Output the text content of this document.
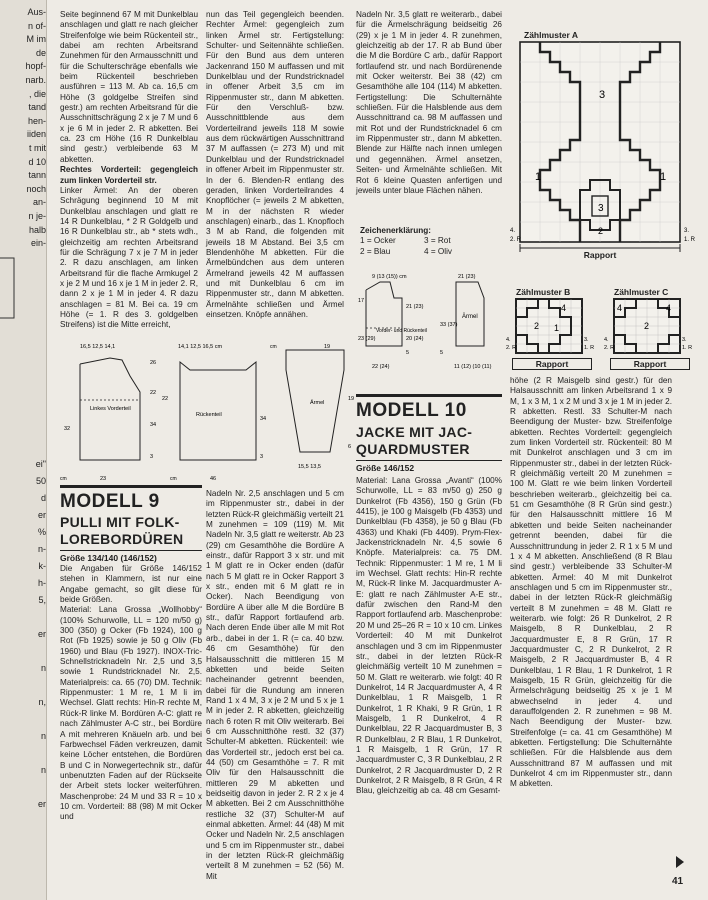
Aus-
n of-
M im
de
hopf-
narb.
, die
tand
hen-
iiden
t mit
d 10
tann
noch
an-
n je-
halb
ein-
ei"
50
d
er
%
n-
k-
h-
5,

er

n

n,

n

n

er

Seite beginnend 67 M mit Dunkelblau anschlagen und glatt re nach gleicher Streifenfolge wie beim Rückenteil str., dabei am rechten Arbeitsrand Zunehmen für den Armausschnitt und für die Schulterschräge ebenfalls wie beim Rückenteil beschrieben ausführen = 113 M. Ab ca. 16,5 cm Höhe (3 goldgelbe Streifen sind gestr.) am rechten Arbeitsrand für die Ausschnittschrägung 2 x je 7 M und 6 x je 6 M in jeder 2. R abketten. Bei ca. 23 cm Höhe (16 R Dunkelblau sind gestr.) verbleibende 63 M abketten.

Rechtes Vorderteil: gegengleich zum linken Vorderteil str.

Linker Ärmel: An der oberen Schrägung beginnend 10 M mit Dunkelblau anschlagen und glatt re 14 R Dunkelblau, * 2 R Goldgelb und 16 R Dunkelblau str., ab * stets wdh., gleichzeitig am rechten Arbeitsrand für die Schrägung 7 x je 7 M in jeder 2. R dazu anschlagen, am linken Arbeitsrand für die flache Armkugel 2 x je 2 M und 16 x je 1 M in jeder 2. R, dann 2 x je 1 M in jeder 4. R dazu anschlagen = 81 M. Bei ca. 19 cm Höhe (= 1. R des 3. goldgelben Streifens) ist die Mitte erreicht,

nun das Teil gegengleich beenden. Rechter Ärmel: gegengleich zum linken Ärmel str. Fertigstellung: Schulter- und Seitennähte schließen. Für den Bund aus dem unteren Jackenrand 150 M auffassen und mit Dunkelblau und der Rundstricknadel in offener Arbeit 3,5 cm im Rippenmuster str., dann M abketten. Für den Verschluß- bzw. Ausschnittblende aus dem Vorderteilrand jeweils 118 M sowie aus dem rückwärtigen Ausschnittrand 37 M auffassen (= 273 M) und mit Dunkelblau und der Rundstricknadel in offener Arbeit im Rippenmuster str. In der 6. Blenden-R entlang des geraden, linken Vorderteilrandes 4 Knopflöcher (= jeweils 2 M abketten, M in der nächsten R wieder anschlagen) einarb., das 1. Knopfloch 3 M ab Rand, die folgenden mit jeweils 18 M Abstand. Bei 3,5 cm Blendenhöhe M abketten. Für die Ärmelbündchen aus dem unteren Ärmelrand jeweils 42 M auffassen und mit Dunkelblau 6 cm im Rippenmuster str., dann M abketten. Ärmelnähte schließen und Ärmel einsetzen. Knöpfe annähen.

Nadeln Nr. 3,5 glatt re weiterarb., dabei für die Ärmelschrägung beidseitig 26 (29) x je 1 M in jeder 4. R zunehmen, gleichzeitig ab der 17. R ab Bund über die M die Bordüre C arb., dafür Rapport fortlaufend str. und nach Bordürenende mit Ocker weiterstr. Bei 38 (42) cm Gesamthöhe alle 104 (114) M abketten. Fertigstellung: Die Schulternähte schließen. Für die Halsblende aus dem Ausschnittrand ca. 98 M auffassen und mit Rot und der Rundstricknadel 6 cm im Rippenmuster str., dann M abketten. Blende zur Hälfte nach innen umlegen und gegennähen. Ärmel ansetzen, Seiten- und Ärmelnähte schließen. Mit Rot 6 kleine Quasten anfertigen und jeweils unter blaue Flächen nähen.

Zeichenerklärung:
1 = Ocker	3 = Rot
2 = Blau	4 = Oliv
Zählmuster A
3
1	1
3
2
4.
2. R
3.
1. R
Rapport
Zählmuster B
2
4
1
4.
2. R
3.
1. R
Rapport
Zählmuster C
4
2
4
4.
2. R
3.
1. R
Rapport
9 (13 (15)) cm
17
21 (23)
23 (29)	20 (24)
Vorder- und Rückenteil
5
22 (24)
21 (23)
Ärmel
33 (37)
5
11 (12) (10 (11)
16,5 12,5 14,1
26
22
32
34
Linkes Vorderteil
3
23
cm
14,1 12,5 16,5 cm
Rückenteil
22
34
3
46
cm
19
Ärmel
19
6
15,5 13,5
cm
MODELL 9
PULLI MIT FOLK-LOREBORDÜREN
Größe 134/140 (146/152)

Die Angaben für Größe 146/152 stehen in Klammern, ist nur eine Angabe gemacht, so gilt diese für beide Größen.

Material: Lana Grossa „Wollhobby“ (100% Schurwolle, LL = 120 m/50 g) 300 (350) g Ocker (Fb 1924), 100 g Rot (Fb 1925) sowie je 50 g Oliv (Fb 1960) und Blau (Fb 1927). INOX-Tric-Schnellstricknadeln Nr. 2,5 und 3,5 sowie 1 Rundstricknadel Nr. 2,5. Materialpreis: ca. 65 (70) DM. Technik: Rippenmuster: 1 M re, 1 M li im Wechsel. Glatt rechts: Hin-R rechte M, Rück-R linke M. Bordüren A-C: glatt re nach Zählmuster A-C str., bei Bordüre A mit mehreren Knäueln arb. und bei Farbwechsel Fäden verkreuzen, damit keine Löcher entstehen, die Bordüren B und C in Norwegertechnik str., dafür unbenutzten Faden auf der Rückseite der Arbeit stets locker weiterführen. Maschenprobe: 24 M und 33 R = 10 x 10 cm. Vorderteil: 88 (98) M mit Ocker und

Nadeln Nr. 2,5 anschlagen und 5 cm im Rippenmuster str., dabei in der letzten Rück-R gleichmäßig verteilt 21 M zunehmen = 109 (119) M. Mit Nadeln Nr. 3,5 glatt re weiterstr. Ab 23 (29) cm Gesamthöhe die Bordüre A einstr., dafür Rapport 3 x str. und mit 1 M glatt re in Ocker enden (dafür nach 5 M glatt re in Ocker Rapport 3 x str., enden mit 6 M glatt re in Ocker). Nach Beendigung von Bordüre A über alle M die Bordüre B str., dafür Rapport fortlaufend arb. Nach deren Ende über alle M mit Rot arb., dabei in der 1. R (= ca. 40 bzw. 46 cm Gesamthöhe) für den Halsausschnitt die mittleren 15 M abketten und beide Seiten nacheinander getrennt beenden, dabei für die Rundung am inneren Rand 1 x 4 M, 3 x je 2 M und 5 x je 1 M in jeder 2. R abketten, gleichzeitig nach 6 roten R mit Oliv weiterarb. Bei 6 cm Ausschnitthöhe restl. 32 (37) Schulter-M abketten. Rückenteil: wie das Vorderteil str., jedoch erst bei ca. 44 (50) cm Gesamthöhe = 7. R mit Oliv für den Halsausschnitt die mittleren 29 M abketten und beidseitig davon in jeder 2. R 2 x je 4 M abketten. Bei 2 cm Ausschnitthöhe restliche 32 (37) Schulter-M auf einmal abketten. Ärmel: 44 (48) M mit Ocker und Nadeln Nr. 2,5 anschlagen und 5 cm im Rippenmuster str., dabei in der letzten Rück-R gleichmäßig verteilt 8 M zunehmen = 52 (56) M. Mit

MODELL 10
JACKE MIT JAC-QUARDMUSTER
Größe 146/152

Material: Lana Grossa „Avanti“ (100% Schurwolle, LL = 83 m/50 g) 250 g Dunkelrot (Fb 4356), 150 g Grün (Fb 4415), je 100 g Maisgelb (Fb 4353) und Dunkelblau (Fb 4358), je 50 g Blau (Fb 4363) und Khaki (Fb 4409). Prym-Flex-Jackenstricknadeln Nr. 4,5 sowie 6 Knöpfe. Materialpreis: ca. 75 DM. Technik: Rippenmuster: 1 M re, 1 M li im Wechsel. Glatt rechts: Hin-R rechte M, Rück-R linke M. Jacquardmuster A-E: glatt re nach Zählmuster A-E str., dafür zwischen den Rand-M den Rapport fortlaufend arb. Maschenprobe: 20 M und 25–26 R = 10 x 10 cm. Linkes Vorderteil: 40 M mit Dunkelrot anschlagen und 3 cm im Rippenmuster str., dabei in der letzten Rück-R gleichmäßig verteilt 10 M zunehmen = 50 M. Glatt re weiterarb. wie folgt: 40 R Dunkelrot, 14 R Jacquardmuster A, 4 R Dunkelblau, 1 R Maisgelb, 1 R Dunkelrot, 1 R Khaki, 9 R Grün, 1 R Maisgelb, 1 R Dunkelrot, 4 R Dunkelblau, 22 R Jacquardmuster B, 3 R Dunkelblau, 2 R Blau, 1 R Dunkelrot, 1 R Maisgelb, 1 R Grün, 17 R Jacquardmuster C, 3 R Dunkelblau, 2 R Dunkelrot, 2 R Jacquardmuster D, 2 R Dunkelrot, 2 R Maisgelb, 8 R Grün, 4 R Blau, gleichzeitig ab ca. 48 cm Gesamt-

höhe (2 R Maisgelb sind gestr.) für den Halsausschnitt am linken Arbeitsrand 1 x 9 M, 1 x 3 M, 1 x 2 M und 3 x je 1 M in jeder 2. R abketten. Restl. 33 Schulter-M nach Beendigung der Muster- bzw. Streifenfolge abketten. Rechtes Vorderteil: gegengleich zum linken Vorderteil str. Rückenteil: 80 M mit Dunkelrot anschlagen und 3 cm im Rippenmuster str., dabei in der letzten Rück-R gleichmäßig verteilt 20 M zunehmen = 100 M. Glatt re wie beim linken Vorderteil beschrieben weiterarb., gleichzeitig bei ca. 51 cm Gesamthöhe (8 R Grün sind gestr.) für den Halsausschnitt mittlere 16 M abketten und beide Seiten nacheinander getrennt beenden, dabei für die Ausschnittrundung in jeder 2. R 1 x 5 M und 1 x 4 M abketten. Anschließend (8 R Blau sind gestr.) verbleibende 33 Schulter-M abketten. Ärmel: 40 M mit Dunkelrot anschlagen und 5 cm im Rippenmuster str., dabei in der letzten Rück-R gleichmäßig verteilt 8 M zunehmen = 48 M. Glatt re weiterarb. wie folgt: 26 R Dunkelrot, 2 R Maisgelb, 8 R Dunkelblau, 2 R Jacquardmuster E, 8 R Grün, 17 R Jacquardmuster C, 2 R Dunkelrot, 2 R Maisgelb, 2 R Jacquardmuster B, 4 R Dunkelblau, 1 R Blau, 1 R Dunkelrot, 1 R Maisgelb, 15 R Grün, gleichzeitig für die Ärmelschrägung beidseitig 25 x je 1 M abwechselnd in jeder 4. und darauffolgenden 2. R zunehmen = 98 M. Nach Beendigung der Muster- bzw. Streifenfolge (= ca. 41 cm Gesamthöhe) M abketten. Fertigstellung: Die Schulternähte schließen. Für die Halsblende aus dem Ausschnittrand 87 M auffassen und mit Dunkelrot 4 cm im Rippenmuster str., dann M abketten.

41
